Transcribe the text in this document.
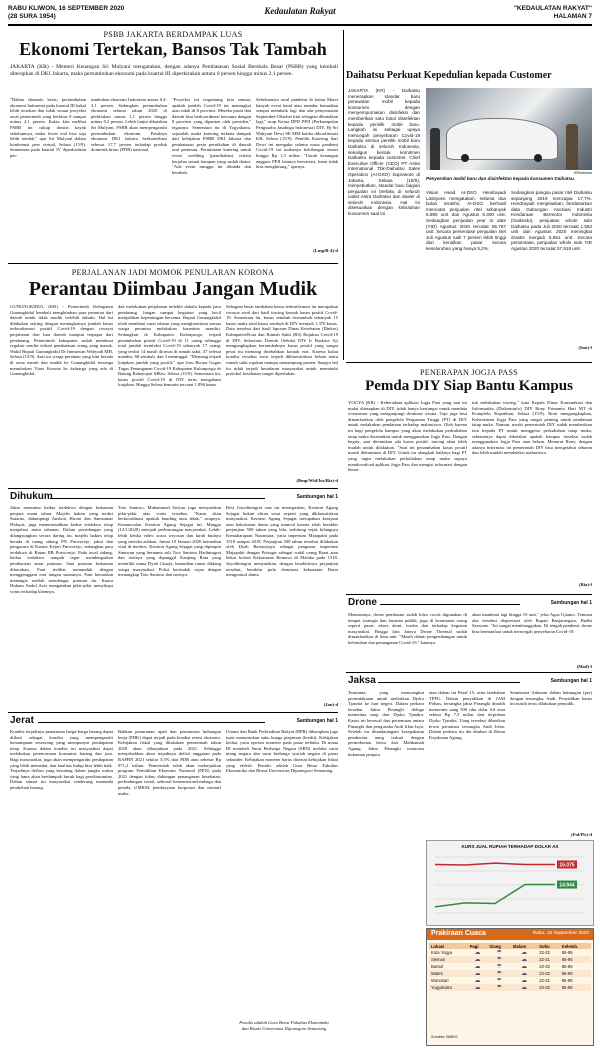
RABU KLIWON, 16 SEPTEMBER 2020
(28 SURA 1954)
Kedaulatan Rakyat	"KEDAULATAN RAKYAT"
HALAMAN 7
PSBB JAKARTA BERDAMPAK LUAS
Ekonomi Tertekan, Bansos Tak Tambah
JAKARTA (KR) - Menteri Keuangan Sri Mulyani mengatakan, dengan adanya Pembatasan Sosial Berskala Besar (PSBB) yang kembali diterapkan di DKI Jakarta, maka pertumbuhan ekonomi pada kuartal III diperkirakan antara 0 persen hingga minus 2,1 persen.
"Dalam skenario berat, pertumbuhan ekonomi Indonesia pada kuartal III bakal lebih tertekan dan tidak sesuai proyeksi awal pemerintah yang berkisar 0 sampai minus 2,1 persen. Kalau kita melihat PSBB ini cukup drastis kayak sebelumnya, maka lower end bisa saja lebih rendah," ujar Sri Mulyani dalam konferensi pers virtual, Selasa (15/9). Sementara pada kuartal IV diperkirakan per-
tumbuhan ekonomi Indonesia antara 0,4-3,1 persen. Sedangkan pertumbuhan ekonomi selama tahun 2020 di perkirakan minus 1,1 persen hingga minus 0,2 persen. Lebih lanjut dikatakan Sri Mulyani, PSBB akan mempengaruhi pertumbuhan ekonomi. Pasalnya ekonomi DKI Jakarta berkontribusi sebesar 17,7 persen terhadap produk domestik bruto (PDB) nasional.
"Proyeksi ini tergantung kita semua, apakah jumlah Covid-19 ini meningkat atau tidak di 8 provinsi. Mereka pusat dan daerah bisa berkoordinasi bersama dengan 8 provinsi yang dipantau oleh presiden," tegasnya. Sementara itu di Yogyakarta, sejumlah usaha katering terkena dampak dari kebijakan PSBB DKI Jakarta dan pembatasan pesta pernikahan di daerah asal pemesan. Permintaan katering untuk event wedding (pernikahan) terlalu berjalan sesuai harapan yang sudah diatur. "Ada event minggu ini ditunda dan berubah.
Sebelumnya awal pandemi di bulan Maret banyak event batal atau mundur kemudian sempat membaik lagi dan ada penyesuaian September-Oktober kini sebagian dibatalkan lagi," ucap Ketua DPD PPJI (Perkumpulan Pengusaha Jasaboga Indonesia) DIY, Hj Sri Wahyuni Dewi SE MM ketika dikonfirmasi KR, Selasa (15/9). Pemilik Katering Sari Dewi ini mengaku selama masa pandemi Covid-19 ini usahanya kehilangan omset hingga Rp 1,5 miliar. "Untuk keuangan anggota PPJI lainnya bervariasi, kami tidak bisa menghitung," ujarnya.
(Lmg/R-4)-d
Daihatsu Perkuat Kepedulian kepada Customer
JAKARTA (KR) - Daihatsu menerapkan standar baru perawatan mobil kepada konsumen dengan menyempurnakan disinfeksi dan memberikan satu botol disinfektan kepada pemilik mobil baru. Langkah ini sebagai upaya mencegah penyebaran Covid-19 kepada semua pemilik mobil baru Daihatsu di seluruh Indonesia, sekaligus bentuk komitmen Daihatsu kepada customer. Chief Executive Officer (CEO) PT Astra International Tbk-Daihatsu Sales Operation (AI-DSO) Supranoto di Jakarta, Selasa (15/9), menyebutkan, standar baru bagian penjualan ini berlaku di seluruh outlet Astra Daihatsu dan dealer di seluruh Indonesia. Hal ini disesuaikan dengan kebutuhan konsumen saat ini.
KR/ist/ewe
Penyerahan mobil baru dan disinfektan kepada konsumen Daihatsu.
Visian Head AI-DSO Hendrayadi Lastiyoso mengatakan, selama dua bulan terakhir, AI-DSO berhasil mencatat penjualan ritel sebanyak 5.890 unit dan Agustus 6.300 unit. Sedangkan penjualan year to date (YtD) Agustus 2020 tercatat 65.767 unit. Secara persentase penjualan ritel Juli Agustus naik 7 persen lebih tinggi dari kenaikan pasar secara keseluruhan yang hanya 5,2%.
Sedangkan pangsa pasar ritel Daihatsu sepanjang 2019 mencapai 17,7%. Hendrayadi menjelaskan, berdasarkan data Gabungan Asosiasi Industri Kendaraan Bermotor Indonesia (Gaikindo), penjualan whole sale Daihatsu pada Juli 2020 tercatat 1.553 unit dan Agustus 2020 meningkat drastis menjadi 6.651 unit. Secara persentase, penjualan whole sale YtD Agustus 2020 tercatat 57.918 unit.
(San)-f
PERJALANAN JADI MOMOK PENULARAN KORONA
Perantau Diimbau Jangan Mudik
GUNUNGKIDUL (KR) - Pemerintah Kabupaten Gunungkidul kembali menghimbau para perantau dari daerah untuk tidak mudik terlebih dahulu. Hal ini dilakukan seiring dengan meningkatnya jumlah kasus terkonfirmasi positif Covid-19 dengan riwayat perjalanan dari luar daerah maupun terpapar dari pendatang. Pemerintah kabupaten sudah membuat regulasi sendiri terkait pembatasan orang yang masuk. Wakil Bupati Gunungkidul Dr Immawan Wahyudi MH, Selasa (15/9). Saat ini warga perantau yang kini berada di zona merah dan mudik ke Gunungkidul tersanga menularkan Virus Korona ke keluarga yang ada di Gunungkidul.
dak melakukan perjalanan terlebih dahulu kepada para pendatang. Jangan sampai kegiatan yang kecil menjadikan kepentingan bersama. Bupati Gunungkidul telah membuat surat edaran yang mengharuskan semua warga perantau melakukan karantina mandiri. Sedangkan di Kabupaten Kulonprogo, terjadi penambahan positif Covid-19 di 11 orang sehingga total jumlah terinfeksi Covid-19 sebanyak 17 orang, yang terdiri 14 masih dirawat di rumah sakit, 37 selesai mandiri, 68 sembuh, dan 3 meninggal. "Memang terjadi lonjakan jumlah yang positif," ujar Juru Bicara Gugus Tugas Penanganan Covid-19 Kabupaten Kulonprogo dr Baning Rahayujati MKes, Selasa (15/9). Sementara itu, kasus positif Covid-19 di DIY terus mengalami lonjakan. Hingga Selasa kemarin tercatat 1.896 kasus.
Sebagian besar tambahan kasus terkonfirmasi itu merupakan riwayat awal dari hasil tracing kontak kasus positif Covid-19. Sementara itu, kasus sembuh bertambah sebanyak 15 kasus maka total kasus sembuh di DIY menjadi 1.370 kasus. Data tersebut dari hasil laporan Dinas Kesehatan (Dinkes) Kabupaten/Kota dan Rumah Sakit (RS) Rujukan Covid-19 di DIY. Sekretaris Daerah (Sekda) DIY Ir Baskara Aji mengungkapkan bertambahnya kasus positif yang sangat pesat itu memang disebabkan kontak erat. Karena kalau kondisi tersebut terus terjadi dikhawatirkan belum tentu rumah sakit rujukan mampu menampung pasien. Suapya hal itu tidak terjadi kesadaran masyarakat untuk mematuhi protokol kesehatan sangat diperlukan.
(Bmp/Wid/Ira/Riz)-d
PENERAPAN JOGJA PASS
Pemda DIY Siap Bantu Kampus
YOGYA (KR) - Keberadaan aplikasi Jogja Pass yang saat ini mulai diterapkan di DIY, tidak hanya berfungsi untuk mendata wisatawan yang mengunjungi destinasi wisata. Tapi juga bisa dimanfaatkan oleh pengelola Perguruan Tinggi (PT) di DIY untuk melakukan pendataan terhadap mahasiswa. Oleh karena itu bagi pengelola kampus yang akan melakukan perkuliahan tatap muka disarankan untuk menggunakan Jogja Pass. Dengan begitu, saat ditemukan ada kasus positif, tracing akan lebih mudah untuk dilakukan. "Saat ini penambahan kasus positif masih didominasi di DIY. Untuk itu alangkah baiknya bagi PT yang ingin melakukan perkuliahan tatap muka supaya mendownload aplikasi Jogja Pass dan mengisi informasi dengan benar.
tuk melakukan tracing," kata Kepala Dinas Komunikasi dan Informatika (Diskominfo) DIY Rony Primanto Hari MT di Kompleks Kepatihan, Selasa (15/9). Roni mengungkapkan, Keberadaan Jogja Pass yang sangat penting untuk pendataan tatap muka. Namun, meski pemerintah DIY sudah memberikan izin kepada PT untuk menggelar perkuliahan tatap muka, sebenarnya dapat diketahui apakah kampus tersebut sudah menggunakan Jogja Pass atau belum. Menurut Rony, dengan adanya informasi ini pemerintah DIY bisa mengetahui sebaran dan lebih mudah mendeteksi mahasiswa.
(Ria)-f
Dihukum	Sambungan hal 1
Jaksa menuntut kedua terdakwa dengan hukuman penjara enam tahun. Majelis hakim yang terdiri Sutarno, didampingi Anshori Hironi dan Samsumar Hidayat, juga memerintahkan kedua terdakwa tetap menjalani masa tahanan. Dalam persidangan yang dilangsungkan secara daring itu, majelis hakim tetap berada di ruang sidang PN Purworejo, jaksa dan pengacara di Kantor Kejari Purworejo, sedangkan para terdakwa di Rutan IIB Purworejo. Pada awal sidang, kedua terdakwa tampak tegar mendengarkan pembacaan amar putusan. Saat putusan hukuman dibacakan, Fani terlihat menunduk dengan menggenggam erat tangan suaminya. Fani kemudian menangis setelah mendengar putusan itu. Kuasa Hukum Andul Aziz mengatakan pikir-pikir menyikapi vonis terhadap kliennya.
Toto Santoso, Muhammad Sofyan juga menyatakan pikir-pikir atas vonis tersebut. "Kami akan berkoordinasi apakah banding atau tidak," ucapnya. Kemunculan Keraton Agung Sejagat ini, Minggu (12/1/2020) menjadi perbincangan masyarakat. Lebih-lebih ketika video acara wiyosan dan kirab budaya yang mereka adakan, Jumat 10 Januari 2020 kemudian viral di medsos. Keraton Agung Sejagat yang dipimpin Sinuwun yang bernama asli Toto Santoso Hadiningrat dan istrinya yang dipanggil Kanjeng Ratu yang memiliki nama Dyah Gitarja, kemudian ramai diidang warga masyarakat. Polisi bertindak cepat dengan menangkap Toto Santoso dan istrinya.
Resi Joyodiningrat saat itu menegaskan, Keraton Agung Sejagat bukan aliran sesat seperti yang dikhawatirkan masyarakat. Keraton Agung Sejagat merupakan kerajaan atau kekaisaran dunia yang muncul karena telah berakhir perjanjian 500 tahun yang lalu, terhitung sejak hilangnya Kemaharajaan Nusantara, yaitu imperium Majapahit pada 1518 sampai 2018. Perjanjian 500 tahun tersebut dilakukan oleh Dyah Ranawijaya sebagai penguasa imperium Majapahit dengan Portugis sebagai wakil orang Barat atau bekas koloni Kekaisaran Romawi di Malaka pada 1518. Joyodiningrat menyatakan, dengan berakhirnya perjanjian tersebut, berakhir pula dominasi kekuasaan Barat mengontrol dunia.
(Jan)-d
Drone	Sambungan hal 1
Menurutnya, drone pembasmi sudah lolos cocok digunakan di tempat strategis dan layanan publik, juga di keramaian orang seperti pasar, akses demi, toreba dan terhadap kegiatan masyarakat. Hingga kini Jatayu Drone Thermal sudah dimanfaatkan di lima unit. "Masih dalam pengembangan untuk kebutuhan dan penanganan Covid-19," katanya.
akan mambuat lagi hingga 10 unit," jelas Agus Ujianto. Temuan alat tersebut diapresiasi oleh Bupati Banjarnegara, Budhi Sarwono. "Ini sangat membanggakan. Di tengah pandemi, drone bisa bermanfaat untuk mencegah penyebaran Covid-19.
(Mad)-f
Jaksa	Sambungan hal 1
Terutama, yang menyangkut permufakatan untuk melarikan Djoko Tjandra ke luar negeri. Dalam perkara tersebut Jaksa Pinangki diduga menerima suap dari Djoko Tjandra. Kasus ini berawal dari pertemuan antara Pinangki dan pengusaha Andi Irfan Jaya. Setelah itu ditandatangani kesepakatan pemberian uang terkait dengan permohonan fatwa dari Mahkamah Agung. Jaksa Pinangki terancam hukuman penjara.
atau dalam ini Pasal 15, serta tambahan TPPU. Dalam penyidikan di JAM Pidsus, tersangka jaksa Pinangki ditudih menerima uang 500 ribu dolar AS atau sekitar Rp 7,5 miliar dari terpidana Djoko Tjandra. Uang tersebut diberikan lewat perantara tersangka Andi Irfan. Dalam perkara itu dia ditahan di Rutan Kejaksaan Agung.
Sementara Ankuran dalam hubungan (per) dengan tersangka, Andi. Penyidikan kasus ini masih terus dilakukan penyidik.
(Ful/Fls)-d
Jerat	Sambungan hal 1
Kondisi terjadinya penurunan harga-harga barang dapat diikuti sebagai kondisi yang mempengaruhi kemampuan seseorang yang mempunyai pendapatan tetap. Karena dalam kondisi ini masyarakat dapat melakukan perencanaan konsumsi barang dan jasa. Bagi masyarakat, juga akan mempengaruhi pendapatan yang lebih memadai, dan kualitas hidup bisa lebih baik. Terjadinya deflasi yang berulang dalam jangka waktu yang lama akan berdampak buruk bagi perekonomian. Dalam situasi ini masyarakat cenderung menunda pembelian barang.
Bahkan penurunan upah dan pemutusan hubungan kerja (PHK) dapat terjadi pada kondisi resesi ekonomi. Kebijakan fiskal yang dilakukan pemerintah tahun 2020 akan dilanjutkan pada 2021. Sehingga menyebabkan akan terjadinya defisit anggaran pada RAPBN 2021 sekitar 5,5% dari PDB atau sebesar Rp 971,2 triliun. Pemerintah telah akan melanjutkan program Pemulihan Ekonomi Nasional (PEN) pada 2021 dengan fokus dukungan penanganan kesehatan, perlindungan sosial, sektoral kementerian/lembaga dan pemda, UMKM, pembiayaan korporasi dan insentif usaha.
Umum dan Bank Perkreditan Rakyat (BPR) diharapkan juga turut menurunkan suku bunga pinjaman (kredit). Kebijakan kedua, yaitu operasi moneter pada pasar terbuka. Di mana BI membeli Surat Berharga Negara (SBN) melalui surat utang negara dan surat berharga syariah negara di pasar sekunder. Kebijakan moneter harus disertai kebijakan fiskal yang efektif. Penulis adalah Guru Besar Fakultas Ekonomika dan Bisnis Universitas Diponegoro Semarang.
Penulis adalah Guru Besar Fakultas Ekonomika dan Bisnis Universitas Diponegoro Semarang
KURS JUAL RUPIAH TERHADAP DOLAR AS
14.944
15.075
Prakiraan Cuaca	Rabu, 16 September 2020
Lokasi	Pagi	Siang	Malam	Suhu	Kelemb.
Kota Yogya	☁	☂	☁	23-32	65-95
Sleman	☁	☂	☁	22-31	65-95
Bantul	☁	☂	☁	23-32	65-95
Wates	☁	☂	☁	23-32	65-95
Wonosari	☁	☂	☁	22-31	65-95
Yogyakarta	☁	☂	☁	23-32	65-95
Sumber: BMKG
